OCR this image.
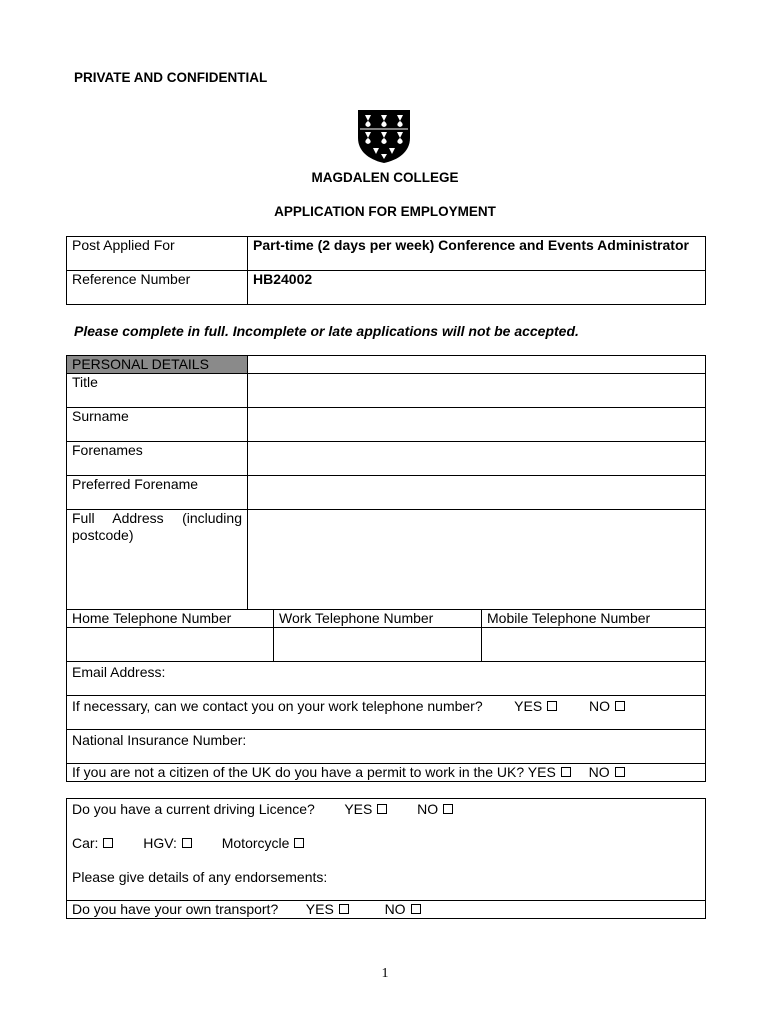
PRIVATE AND CONFIDENTIAL
MAGDALEN COLLEGE
APPLICATION FOR EMPLOYMENT
Post Applied For	Part-time (2 days per week) Conference and Events Administrator
Reference Number	HB24002
Please complete in full. Incomplete or late applications will not be accepted.
PERSONAL DETAILS			
Title			
Surname			
Forenames			
Preferred Forename			
Full Address (including postcode)			
Home Telephone Number		Work Telephone Number	Mobile Telephone Number

Email Address:			
If necessary, can we contact you on your work telephone number? YES NO			
National Insurance Number:			
If you are not a citizen of the UK do you have a permit to work in the UK? YES NO			
Do you have a current driving Licence? YES	NO
Car:	HGV:	Motorcycle
Please give details of any endorsements:
Do you have your own transport? YES	NO
1
